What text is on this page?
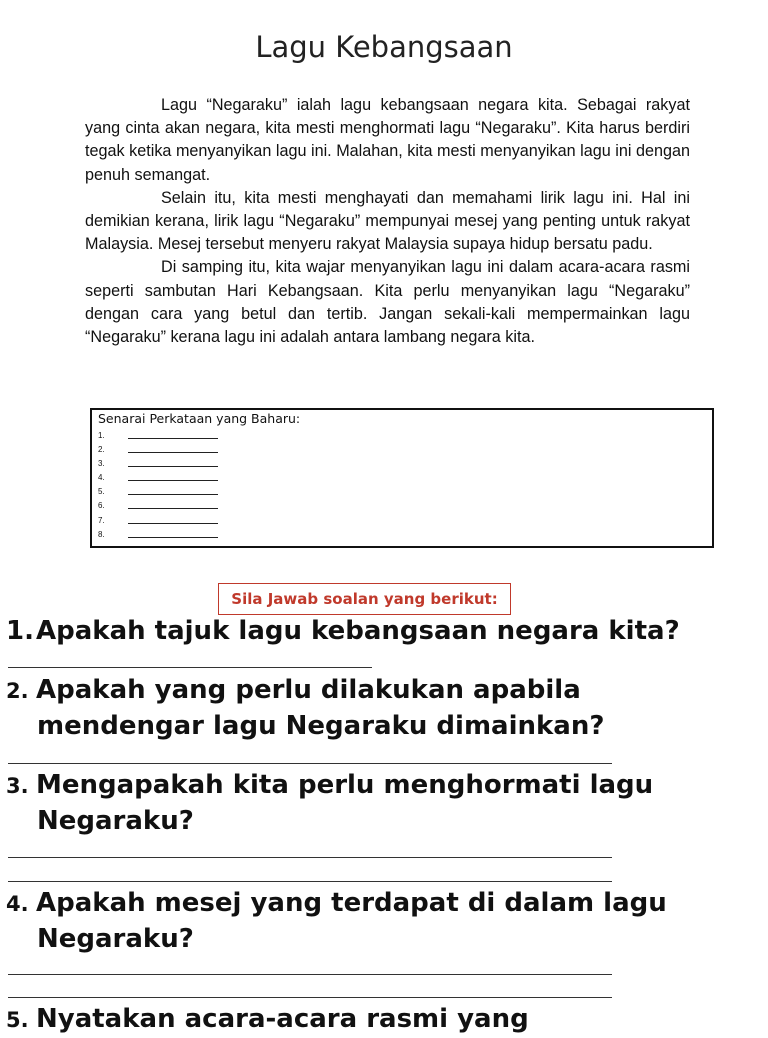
Lagu Kebangsaan

Lagu “Negaraku” ialah lagu kebangsaan negara kita. Sebagai rakyat yang cinta akan negara, kita mesti menghormati lagu “Negaraku”. Kita harus berdiri tegak ketika menyanyikan lagu ini. Malahan, kita mesti menyanyikan lagu ini dengan penuh semangat.

Selain itu, kita mesti menghayati dan memahami lirik lagu ini. Hal ini demikian kerana, lirik lagu “Negaraku” mempunyai mesej yang penting untuk rakyat Malaysia. Mesej tersebut menyeru rakyat Malaysia supaya hidup bersatu padu.

Di samping itu, kita wajar menyanyikan lagu ini dalam acara-acara rasmi seperti sambutan Hari Kebangsaan. Kita perlu menyanyikan lagu “Negaraku” dengan cara yang betul dan tertib. Jangan sekali-kali mempermainkan lagu “Negaraku” kerana lagu ini adalah antara lambang negara kita.

Senarai Perkataan yang Baharu:
1.
2.
3.
4.
5.
6.
7.
8.
Sila Jawab soalan yang berikut:
1.Apakah tajuk lagu kebangsaan negara kita?
2. Apakah yang perlu dilakukan apabila
mendengar lagu Negaraku dimainkan?
3. Mengapakah kita perlu menghormati lagu
Negaraku?
4. Apakah mesej yang terdapat di dalam lagu
Negaraku?
5. Nyatakan acara-acara rasmi yang
